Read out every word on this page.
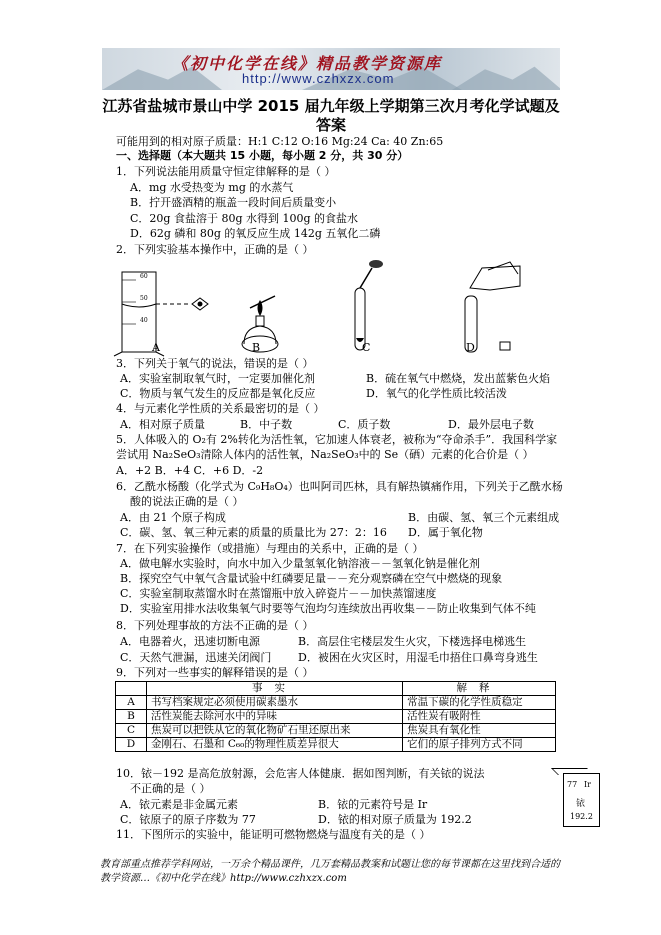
《初中化学在线》精品教学资源库
http://www.czhxzx.com
江苏省盐城市景山中学 2015 届九年级上学期第三次月考化学试题及
答案
可能用到的相对原子质量：H:1 C:12 O:16 Mg:24 Ca: 40 Zn:65
一、选择题（本大题共 15 小题，每小题 2 分，共 30 分）
1．下列说法能用质量守恒定律解释的是（ ）
A．mg 水受热变为 mg 的水蒸气
B．拧开盛酒精的瓶盖一段时间后质量变小
C．20g 食盐溶于 80g 水得到 100g 的食盐水
D．62g 磷和 80g 的氧反应生成 142g 五氧化二磷
2．下列实验基本操作中，正确的是（ ）
60
50
40
A	B	C	D
3．下列关于氧气的说法，错误的是（ ）
A．实验室制取氧气时，一定要加催化剂	B．硫在氧气中燃烧，发出蓝紫色火焰
C．物质与氧气发生的反应都是氧化反应	D．氧气的化学性质比较活泼
4．与元素化学性质的关系最密切的是（ ）
A．相对原子质量	B．中子数	C．质子数	D．最外层电子数
5．人体吸入的 O₂有 2%转化为活性氧，它加速人体衰老，被称为“夺命杀手”．我国科学家
尝试用 Na₂SeO₃清除人体内的活性氧，Na₂SeO₃中的 Se（硒）元素的化合价是（ ）
A．+2 B．+4 C．+6 D．-2
6．乙酰水杨酸（化学式为 C₉H₈O₄）也叫阿司匹林，具有解热镇痛作用，下列关于乙酰水杨
酸的说法正确的是（ ）
A．由 21 个原子构成	B．由碳、氢、氧三个元素组成
C．碳、氢、氧三种元素的质量的质量比为 27：2：16 D．属于氧化物
7．在下列实验操作（或措施）与理由的关系中，正确的是（ ）
A．做电解水实验时，向水中加入少量氢氧化钠溶液－－氢氧化钠是催化剂
B．探究空气中氧气含量试验中红磷要足量－－充分观察磷在空气中燃烧的现象
C．实验室制取蒸馏水时在蒸馏瓶中放入碎瓷片－－加快蒸馏速度
D．实验室用排水法收集氧气时要等气泡均匀连续放出再收集－－防止收集到气体不纯
8．下列处理事故的方法不正确的是（ ）
A．电器着火，迅速切断电源	B．高层住宅楼层发生火灾，下楼选择电梯逃生
C．天然气泄漏，迅速关闭阀门 D．被困在火灾区时，用湿毛巾捂住口鼻弯身逃生
9．下列对一些事实的解释错误的是（ ）
	事实	解释
A	书写档案规定必须使用碳素墨水	常温下碳的化学性质稳定
B	活性炭能去除河水中的异味	活性炭有吸附性
C	焦炭可以把铁从它的氧化物矿石里还原出来	焦炭具有氧化性
D	金刚石、石墨和 C₆₀的物理性质差异很大	它们的原子排列方式不同
10．铱－192 是高危放射源，会危害人体健康．据如图判断，有关铱的说法
不正确的是（ ）
A．铱元素是非金属元素	B．铱的元素符号是 Ir
C．铱原子的原子序数为 77	D．铱的相对原子质量为 192.2
77 Ir
铱
192.2
11．下图所示的实验中，能证明可燃物燃烧与温度有关的是（ ）
教育部重点推荐学科网站，一万余个精品课件，几万套精品教案和试题让您的每节课都在这里找到合适的
教学资源…《初中化学在线》http://www.czhxzx.com
